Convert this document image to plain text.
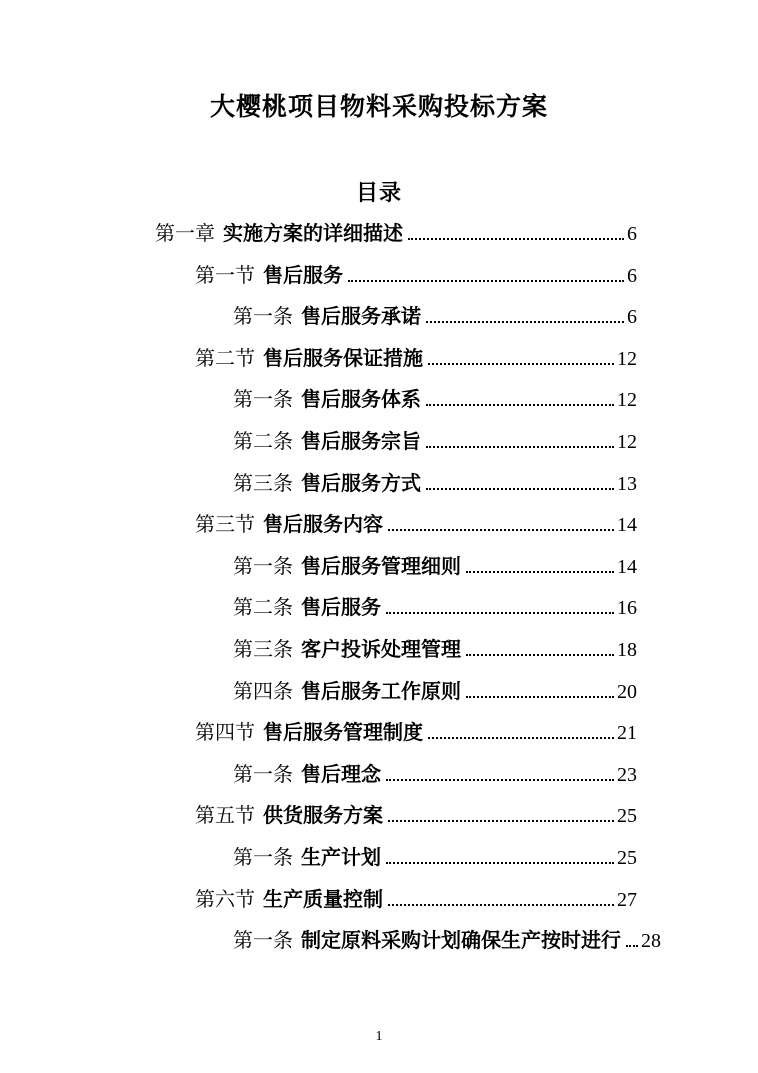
大樱桃项目物料采购投标方案
目录
第一章 实施方案的详细描述	6
第一节 售后服务	6
第一条 售后服务承诺	6
第二节 售后服务保证措施	12
第一条 售后服务体系	12
第二条 售后服务宗旨	12
第三条 售后服务方式	13
第三节 售后服务内容	14
第一条 售后服务管理细则	14
第二条 售后服务	16
第三条 客户投诉处理管理	18
第四条 售后服务工作原则	20
第四节 售后服务管理制度	21
第一条 售后理念	23
第五节 供货服务方案	25
第一条 生产计划	25
第六节 生产质量控制	27
第一条 制定原料采购计划确保生产按时进行 28
1
